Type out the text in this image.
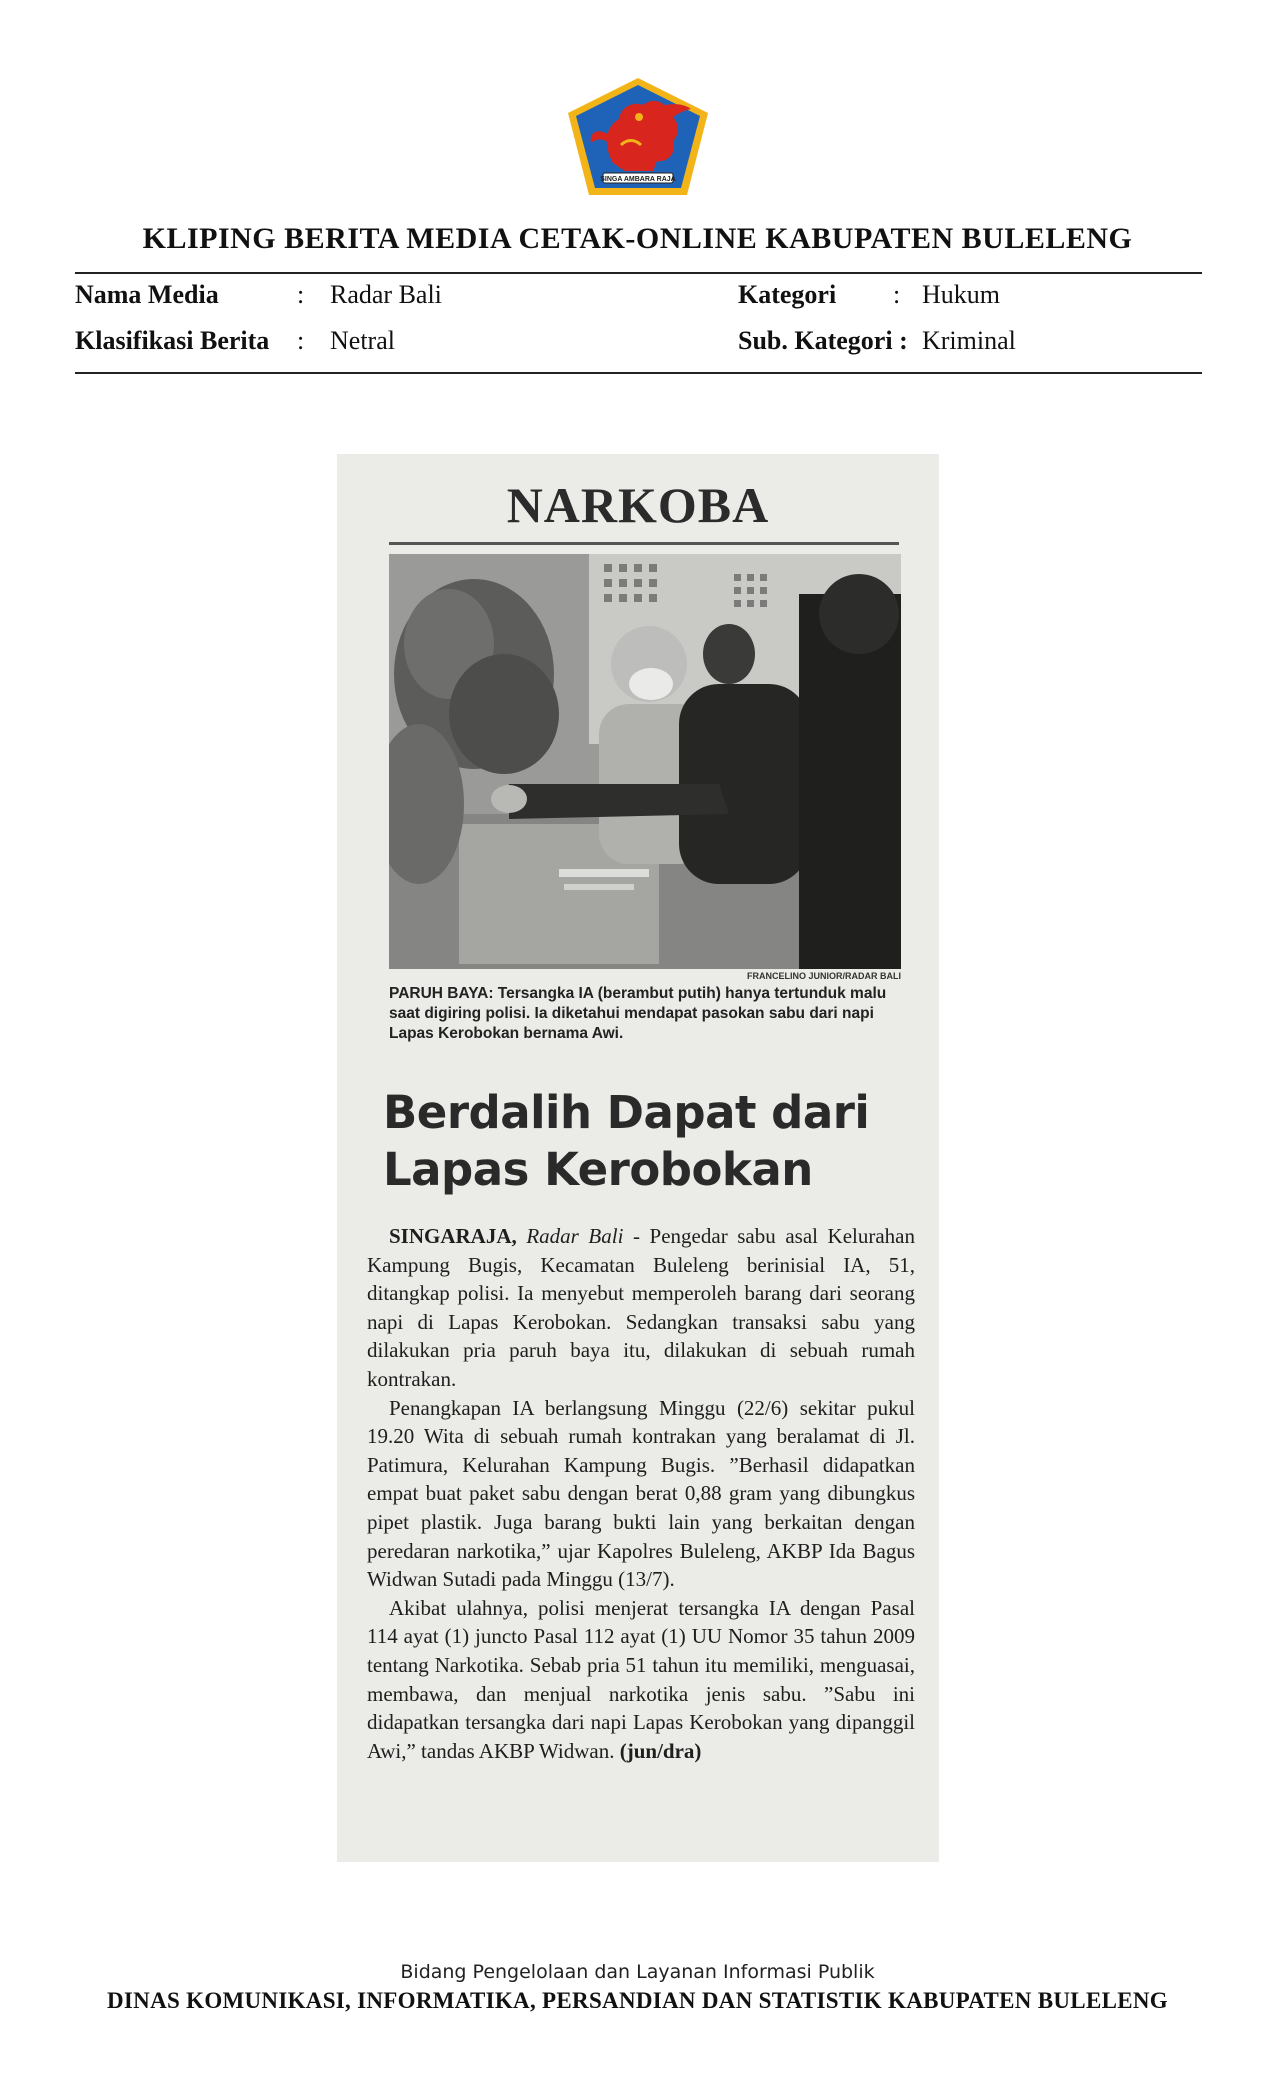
SINGA AMBARA RAJA
KLIPING BERITA MEDIA CETAK-ONLINE KABUPATEN BULELENG
Nama Media	: Radar Bali	Kategori : Hukum
Klasifikasi Berita : Netral	Sub. Kategori : Kriminal
NARKOBA
FRANCELINO JUNIOR/RADAR BALI
PARUH BAYA: Tersangka IA (berambut putih) hanya tertunduk malu saat digiring polisi. Ia diketahui mendapat pasokan sabu dari napi Lapas Kerobokan bernama Awi.
Berdalih Dapat dari Lapas Kerobokan

SINGARAJA, Radar Bali - Pengedar sabu asal Kelurahan Kampung Bugis, Kecamatan Buleleng berinisial IA, 51, ditangkap polisi. Ia menyebut memperoleh barang dari seorang napi di Lapas Kerobokan. Sedangkan transaksi sabu yang dilakukan pria paruh baya itu, dilakukan di sebuah rumah kontrakan.

Penangkapan IA berlangsung Minggu (22/6) sekitar pukul 19.20 Wita di sebuah rumah kontrakan yang beralamat di Jl. Patimura, Kelurahan Kampung Bugis. ”Berhasil didapatkan empat buat paket sabu dengan berat 0,88 gram yang dibungkus pipet plastik. Juga barang bukti lain yang berkaitan dengan peredaran narkotika,” ujar Kapolres Buleleng, AKBP Ida Bagus Widwan Sutadi pada Minggu (13/7).

Akibat ulahnya, polisi menjerat tersangka IA dengan Pasal 114 ayat (1) juncto Pasal 112 ayat (1) UU Nomor 35 tahun 2009 tentang Narkotika. Sebab pria 51 tahun itu memiliki, menguasai, membawa, dan menjual narkotika jenis sabu. ”Sabu ini didapatkan tersangka dari napi Lapas Kerobokan yang dipanggil Awi,” tandas AKBP Widwan. (jun/dra)

Bidang Pengelolaan dan Layanan Informasi Publik
DINAS KOMUNIKASI, INFORMATIKA, PERSANDIAN DAN STATISTIK KABUPATEN BULELENG
